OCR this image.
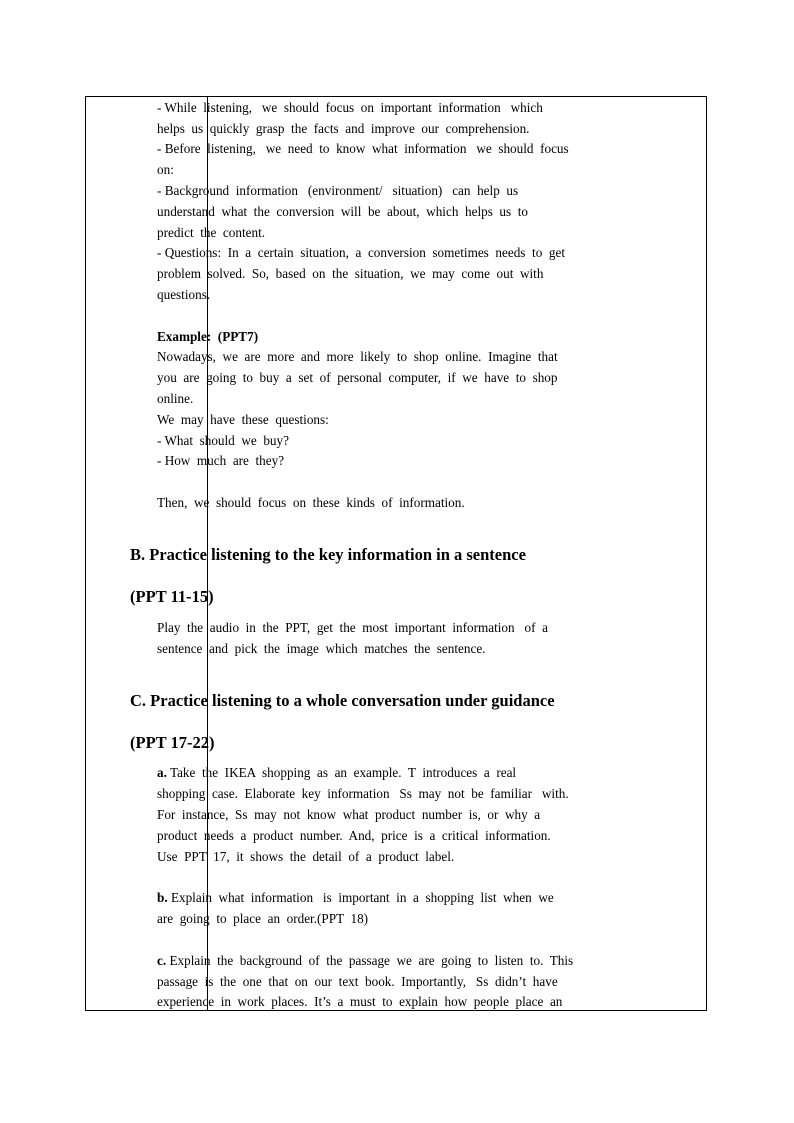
- While  listening,   we  should  focus  on  important  information   which
helps  us  quickly  grasp  the  facts  and  improve  our  comprehension.
- Before  listening,   we  need  to  know  what  information   we  should  focus
on:
- Background  information   (environment/   situation)   can  help  us
understand  what  the  conversion  will  be  about,  which  helps  us  to
predict  the  content.
- Questions:  In  a  certain  situation,  a  conversion  sometimes  needs  to  get
problem  solved.  So,  based  on  the  situation,  we  may  come  out  with
questions.
Example:  (PPT7)
Nowadays,  we  are  more  and  more  likely  to  shop  online.  Imagine  that
you  are  going  to  buy  a  set  of  personal  computer,  if  we  have  to  shop
online.
We  may  have  these  questions:
- What  should  we  buy?
- How  much  are  they?
Then,  we  should  focus  on  these  kinds  of  information.
B. Practice listening to the key information in a sentence
(PPT 11-15)
Play  the  audio  in  the  PPT,  get  the  most  important  information   of  a
sentence  and  pick  the  image  which  matches  the  sentence.
C. Practice listening to a whole conversation under guidance
(PPT 17-22)
a. Take  the  IKEA  shopping  as  an  example.  T  introduces  a  real
shopping  case.  Elaborate  key  information   Ss  may  not  be  familiar   with.
For  instance,  Ss  may  not  know  what  product  number  is,  or  why  a
product  needs  a  product  number.  And,  price  is  a  critical  information.
Use  PPT  17,  it  shows  the  detail  of  a  product  label.
b. Explain  what  information   is  important  in  a  shopping  list  when  we
are  going  to  place  an  order.(PPT  18)
c. Explain  the  background  of  the  passage  we  are  going  to  listen  to.  This
passage  is  the  one  that  on  our  text  book.  Importantly,   Ss  didn’t  have
experience  in  work  places.  It’s  a  must  to  explain  how  people  place  an
